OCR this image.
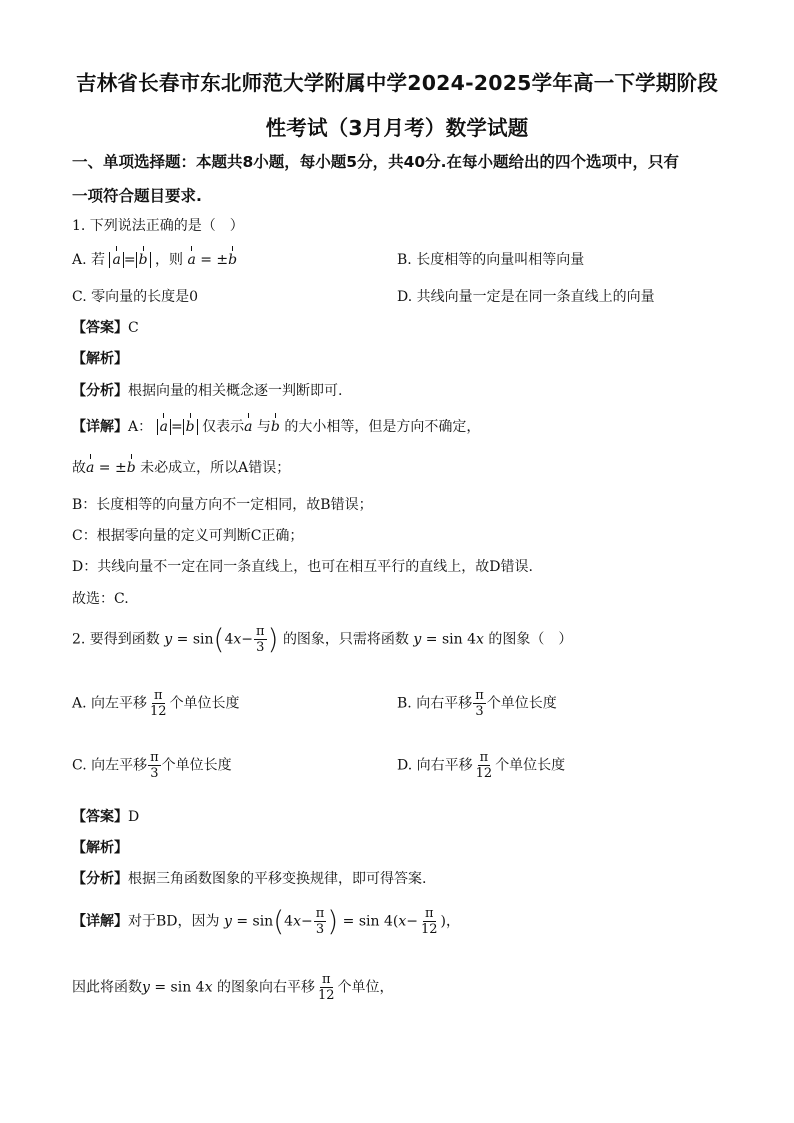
吉林省长春市东北师范大学附属中学2024-2025学年高一下学期阶段
性考试（3月月考）数学试题
一、单项选择题：本题共8小题，每小题5分，共40分.在每小题给出的四个选项中，只有
一项符合题目要求.
1. 下列说法正确的是（　）
A. 若 a = b ，则 a = ±b	B. 长度相等的向量叫相等向量
C. 零向量的长度是0	D. 共线向量一定是在同一条直线上的向量
【答案】C
【解析】
【分析】根据向量的相关概念逐一判断即可.
【详解】A： a = b 仅表示a 与b 的大小相等，但是方向不确定，
故a = ±b 未必成立，所以A错误；
B：长度相等的向量方向不一定相同，故B错误；
C：根据零向量的定义可判断C正确；
D：共线向量不一定在同一条直线上，也可在相互平行的直线上，故D错误.
故选：C.
2. 要得到函数 $y = \sin(4x- \frac{\pi}{3}$ ) 的图象，只需将函数 y = sin 4x 的图象（　）
A. 向左平移 $\frac{\pi}{12}$ 个单位长度	B. 向右平移 $\frac{\pi}{3}$ 个单位长度
C. 向左平移 $\frac{\pi}{3}$ 个单位长度	D. 向右平移 $\frac{\pi}{12}$ 个单位长度
【答案】D
【解析】
【分析】根据三角函数图象的平移变换规律，即可得答案.
【详解】对于BD，因为 $y = \sin(4x- \frac{\pi}{3}$ ) = $\sin 4(x- \frac{\pi}{12}$ )，
因此将函数y = sin 4x 的图象向右平移 $\frac{\pi}{12}$ 个单位，
